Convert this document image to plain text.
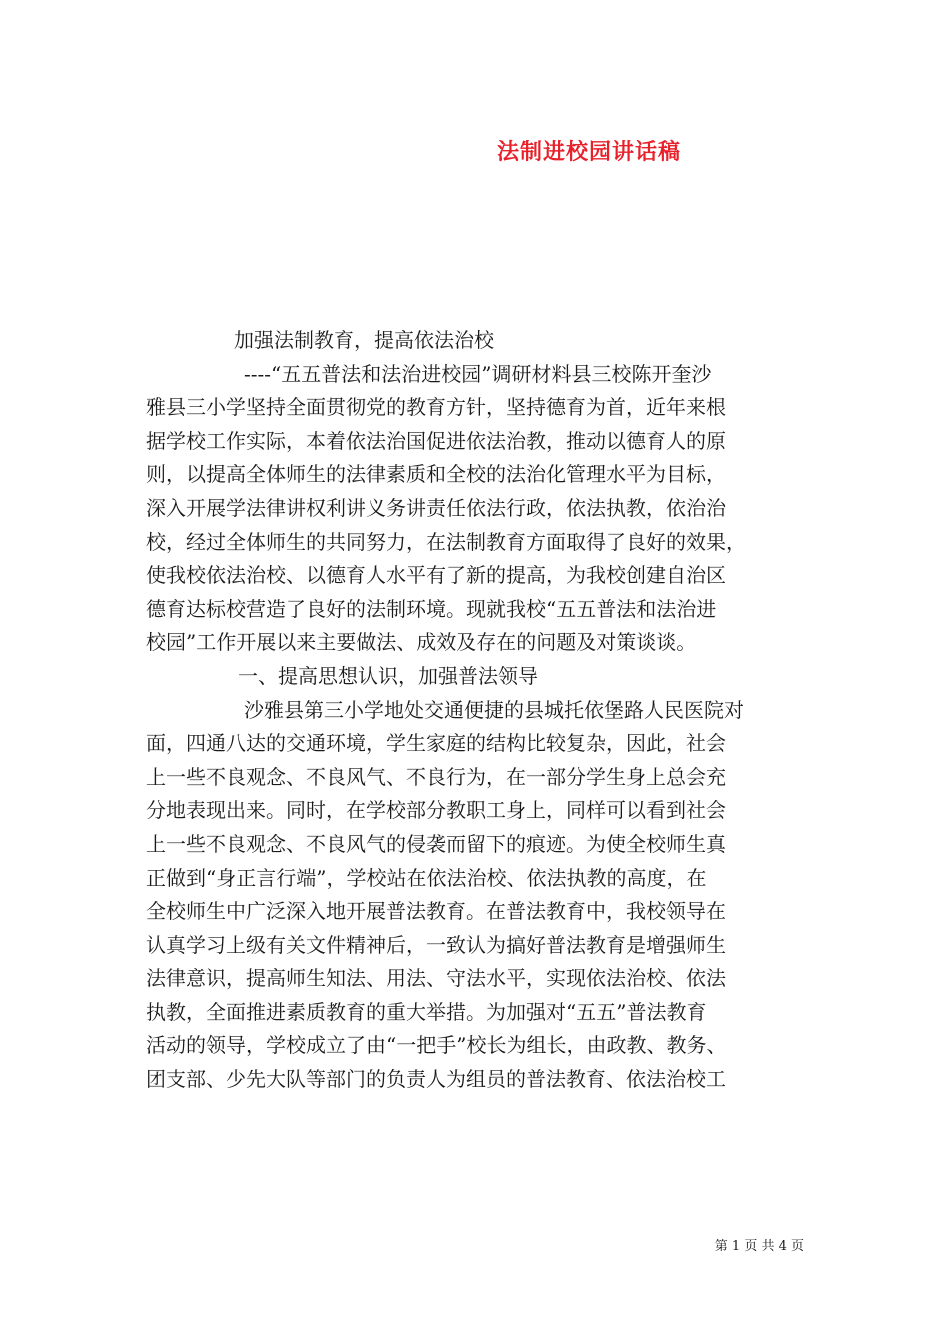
法制进校园讲话稿
加强法制教育，提高依法治校
----“五五普法和法治进校园”调研材料县三校陈开奎沙
雅县三小学坚持全面贯彻党的教育方针，坚持德育为首，近年来根
据学校工作实际，本着依法治国促进依法治教，推动以德育人的原
则，以提高全体师生的法律素质和全校的法治化管理水平为目标，
深入开展学法律讲权利讲义务讲责任依法行政，依法执教，依治治
校，经过全体师生的共同努力，在法制教育方面取得了良好的效果，
使我校依法治校、以德育人水平有了新的提高，为我校创建自治区
德育达标校营造了良好的法制环境。现就我校“五五普法和法治进
校园”工作开展以来主要做法、成效及存在的问题及对策谈谈。
一、提高思想认识，加强普法领导
沙雅县第三小学地处交通便捷的县城托依堡路人民医院对
面，四通八达的交通环境，学生家庭的结构比较复杂，因此，社会
上一些不良观念、不良风气、不良行为，在一部分学生身上总会充
分地表现出来。同时，在学校部分教职工身上，同样可以看到社会
上一些不良观念、不良风气的侵袭而留下的痕迹。为使全校师生真
正做到“身正言行端”，学校站在依法治校、依法执教的高度，在
全校师生中广泛深入地开展普法教育。在普法教育中，我校领导在
认真学习上级有关文件精神后，一致认为搞好普法教育是增强师生
法律意识，提高师生知法、用法、守法水平，实现依法治校、依法
执教，全面推进素质教育的重大举措。为加强对“五五”普法教育
活动的领导，学校成立了由“一把手”校长为组长，由政教、教务、
团支部、少先大队等部门的负责人为组员的普法教育、依法治校工
第 1 页 共 4 页
